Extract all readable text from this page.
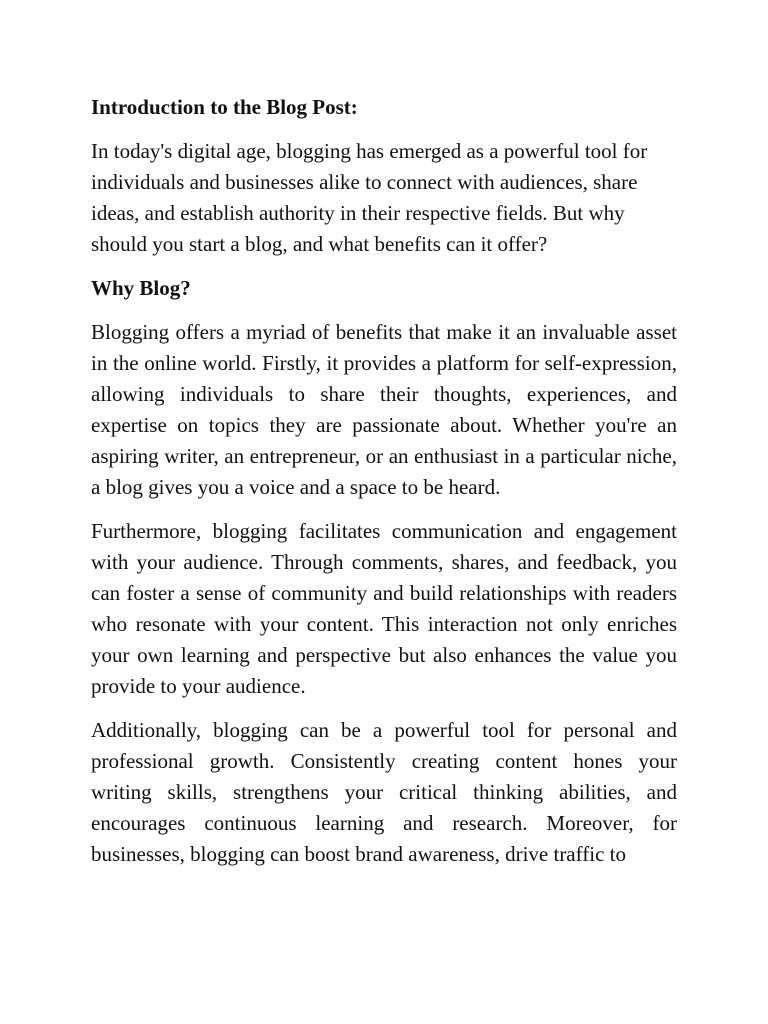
Introduction to the Blog Post:

In today's digital age, blogging has emerged as a powerful tool for individuals and businesses alike to connect with audiences, share ideas, and establish authority in their respective fields. But why should you start a blog, and what benefits can it offer?

Why Blog?

Blogging offers a myriad of benefits that make it an invaluable asset in the online world. Firstly, it provides a platform for self-expression, allowing individuals to share their thoughts, experiences, and expertise on topics they are passionate about. Whether you're an aspiring writer, an entrepreneur, or an enthusiast in a particular niche, a blog gives you a voice and a space to be heard.

Furthermore, blogging facilitates communication and engagement with your audience. Through comments, shares, and feedback, you can foster a sense of community and build relationships with readers who resonate with your content. This interaction not only enriches your own learning and perspective but also enhances the value you provide to your audience.

Additionally, blogging can be a powerful tool for personal and professional growth. Consistently creating content hones your writing skills, strengthens your critical thinking abilities, and encourages continuous learning and research. Moreover, for businesses, blogging can boost brand awareness, drive traffic to
